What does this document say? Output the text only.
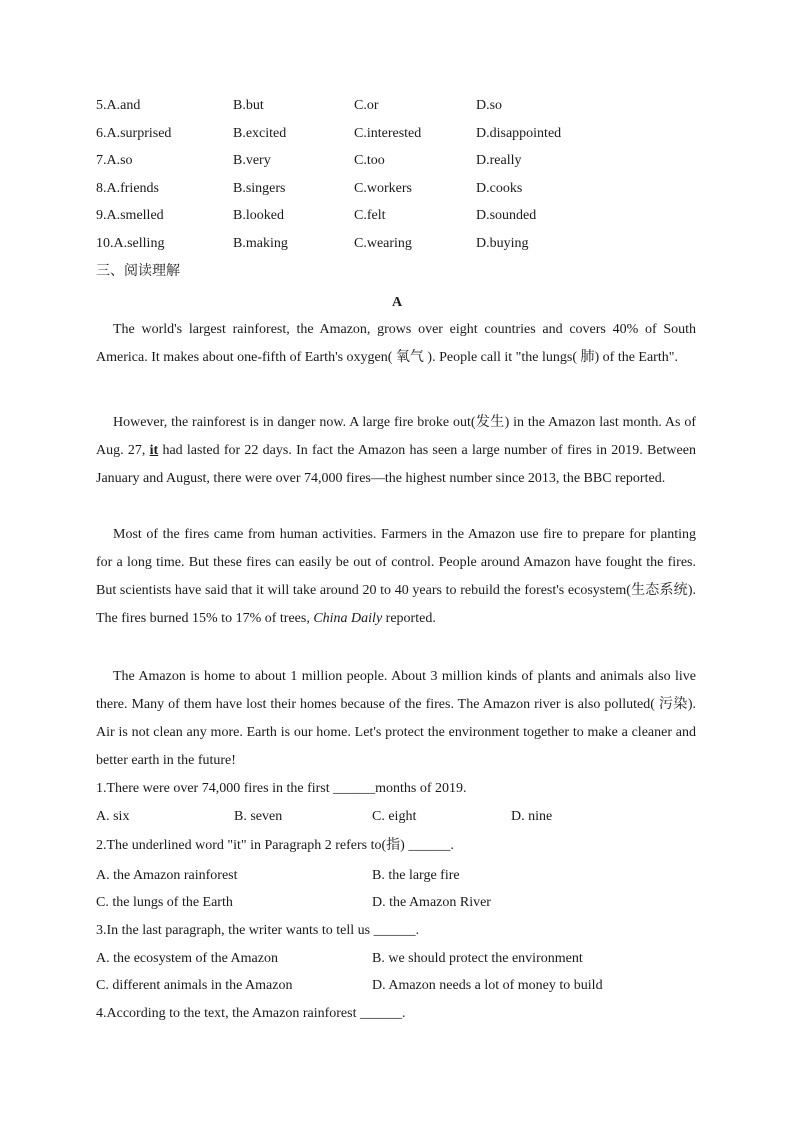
5.A.and	B.but	C.or	D.so
6.A.surprised	B.excited	C.interested	D.disappointed
7.A.so	B.very	C.too	D.really
8.A.friends	B.singers	C.workers	D.cooks
9.A.smelled	B.looked	C.felt	D.sounded
10.A.selling	B.making	C.wearing	D.buying
三、阅读理解
A
The world's largest rainforest, the Amazon, grows over eight countries and covers 40% of South America. It makes about one-fifth of Earth's oxygen( 氧气 ). People call it "the lungs( 肺) of the Earth".
However, the rainforest is in danger now. A large fire broke out(发生) in the Amazon last month. As of Aug. 27, it had lasted for 22 days. In fact the Amazon has seen a large number of fires in 2019. Between January and August, there were over 74,000 fires—the highest number since 2013, the BBC reported.
Most of the fires came from human activities. Farmers in the Amazon use fire to prepare for planting for a long time. But these fires can easily be out of control. People around Amazon have fought the fires. But scientists have said that it will take around 20 to 40 years to rebuild the forest's ecosystem(生态系统). The fires burned 15% to 17% of trees, China Daily reported.
The Amazon is home to about 1 million people. About 3 million kinds of plants and animals also live there. Many of them have lost their homes because of the fires. The Amazon river is also polluted( 污染). Air is not clean any more. Earth is our home. Let's protect the environment together to make a cleaner and better earth in the future!
1.There were over 74,000 fires in the first ______months of 2019.
A. six	B. seven	C. eight	D. nine
2.The underlined word "it" in Paragraph 2 refers to(指) ______.
A. the Amazon rainforest	B. the large fire
C. the lungs of the Earth	D. the Amazon River
3.In the last paragraph, the writer wants to tell us ______.
A. the ecosystem of the Amazon	B. we should protect the environment
C. different animals in the Amazon	D. Amazon needs a lot of money to build
4.According to the text, the Amazon rainforest ______.
